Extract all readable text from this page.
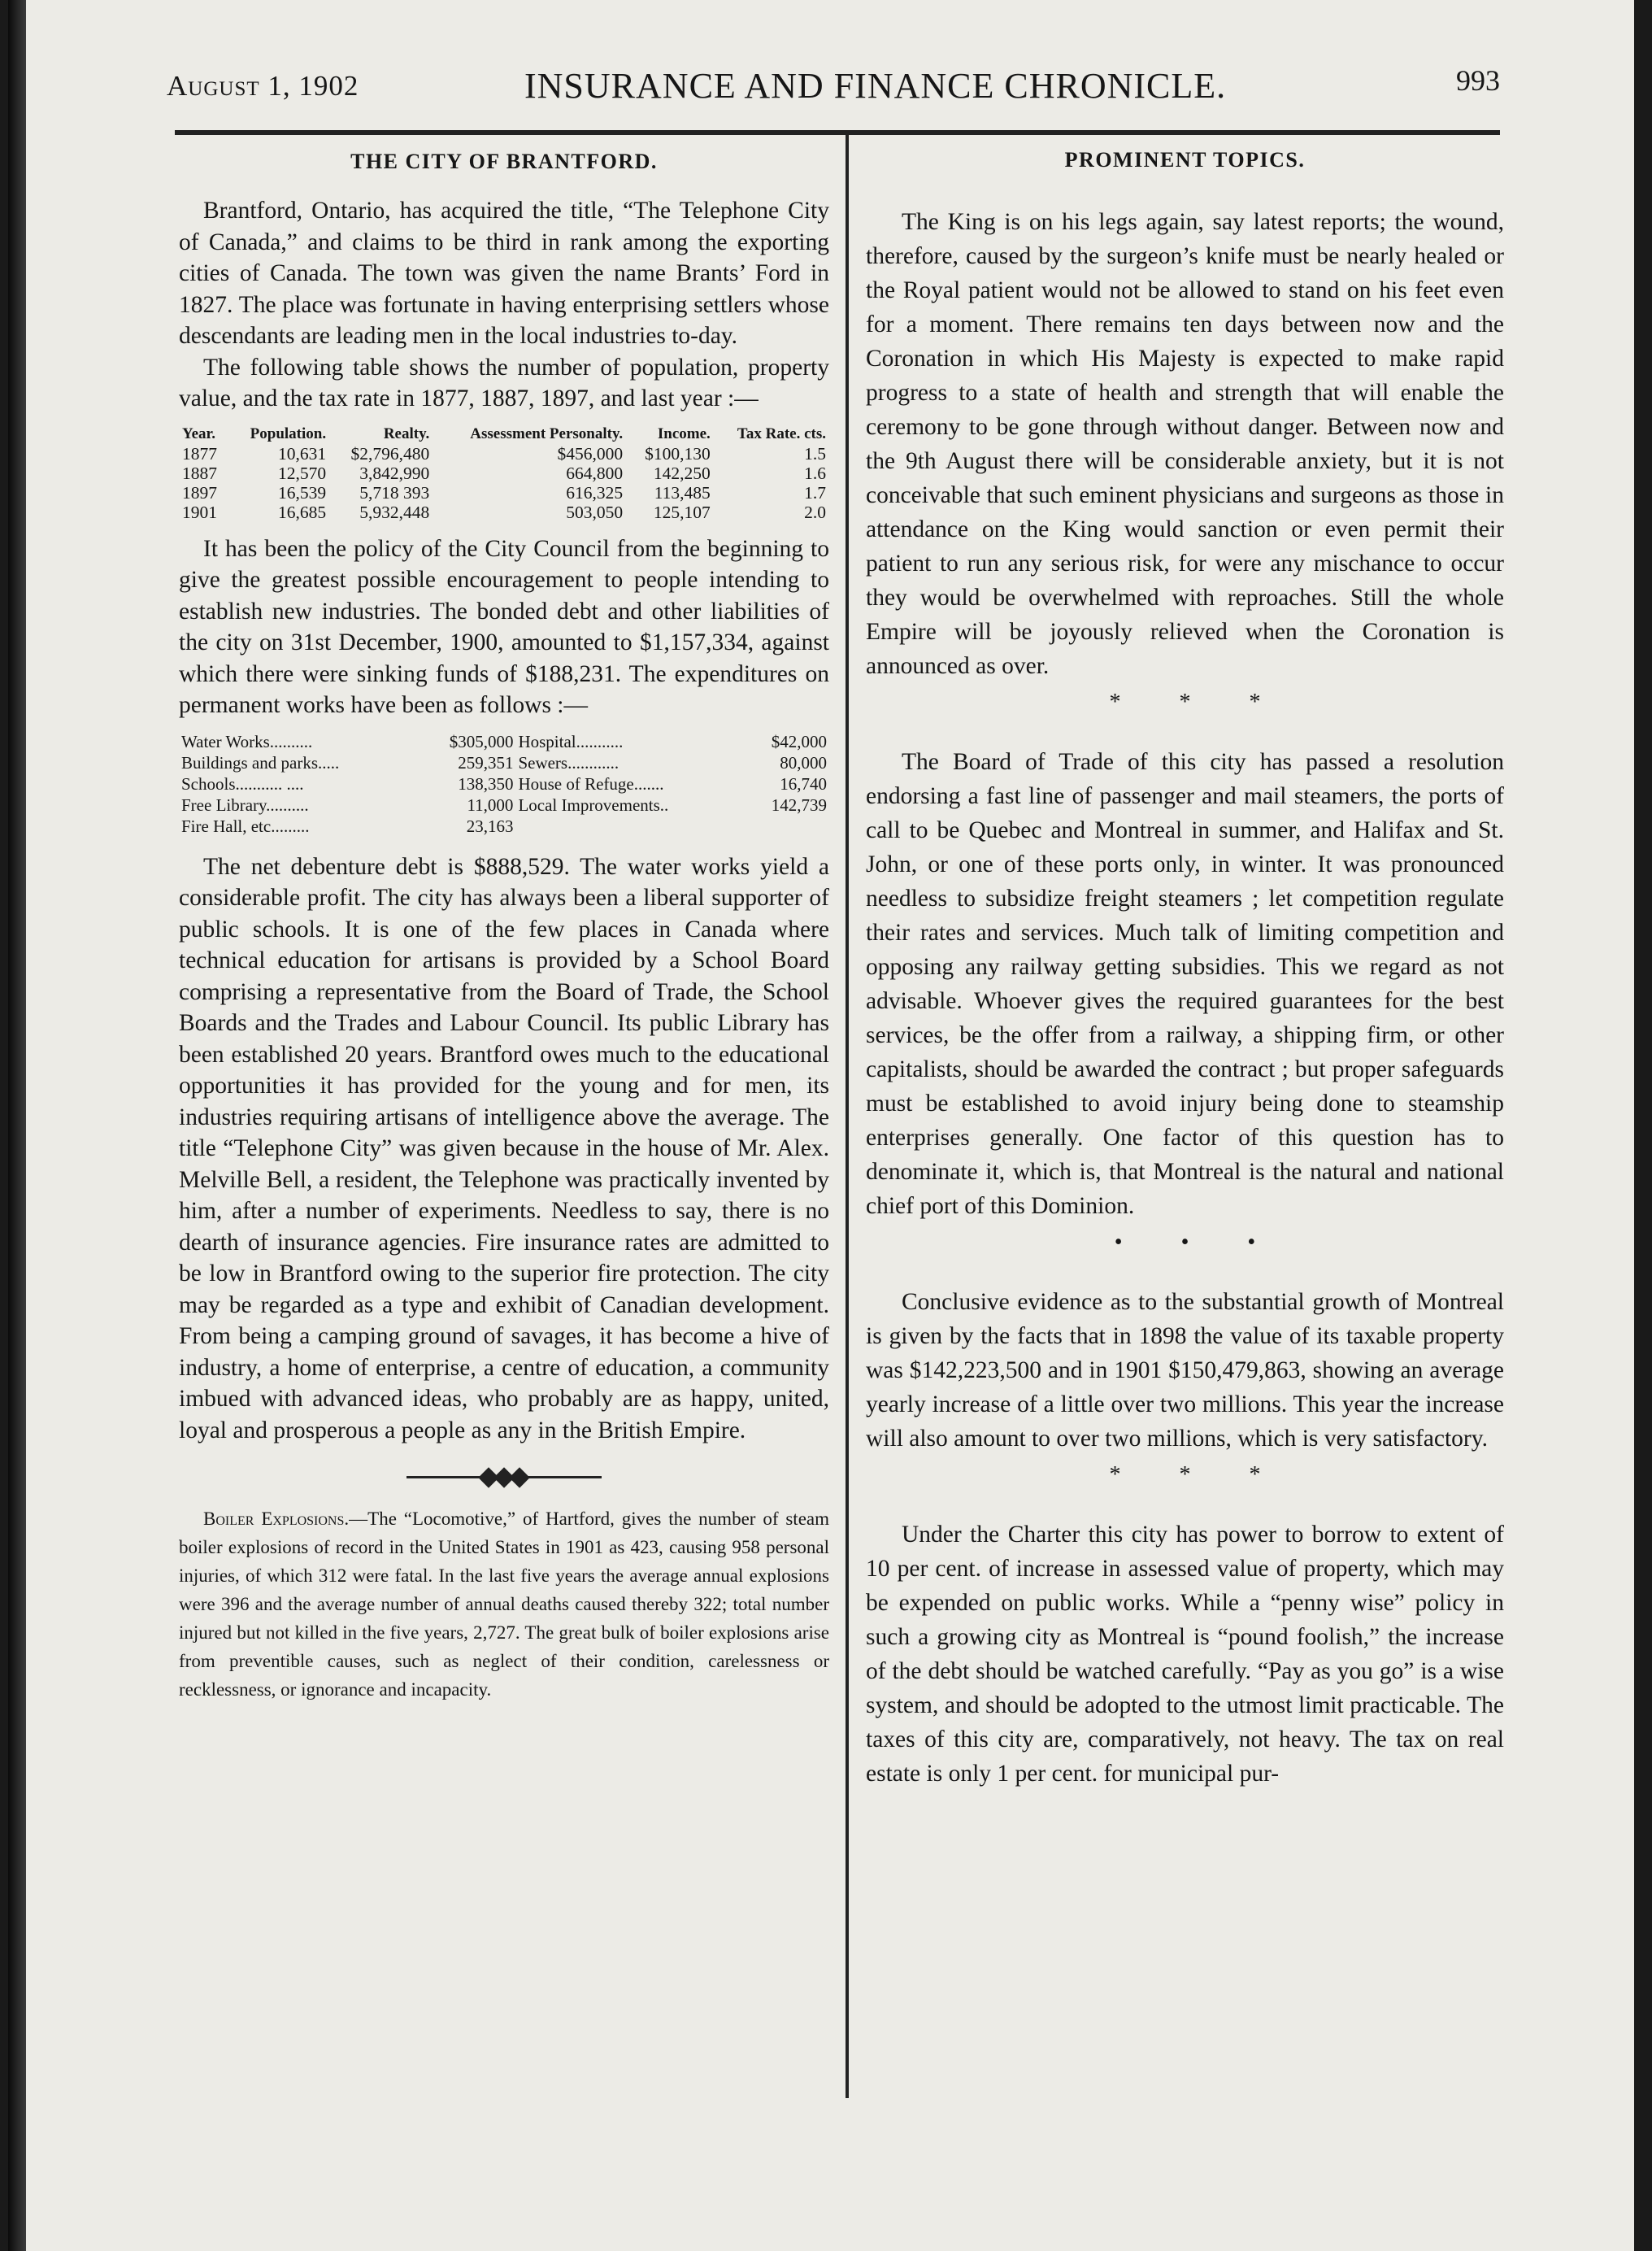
August 1, 1902	INSURANCE AND FINANCE CHRONICLE.	993
THE CITY OF BRANTFORD.

Brantford, Ontario, has acquired the title, “The Telephone City of Canada,” and claims to be third in rank among the exporting cities of Canada. The town was given the name Brants’ Ford in 1827. The place was fortunate in having enterprising settlers whose descendants are leading men in the local industries to-day.

The following table shows the number of population, property value, and the tax rate in 1877, 1887, 1897, and last year :—

Year.	Population.	Realty.	Assessment Personalty.	Income.	Tax Rate. cts.
1877	10,631	$2,796,480	$456,000	$100,130	1.5
1887	12,570	3,842,990	664,800	142,250	1.6
1897	16,539	5,718 393	616,325	113,485	1.7
1901	16,685	5,932,448	503,050	125,107	2.0

It has been the policy of the City Council from the beginning to give the greatest possible encouragement to people intending to establish new industries. The bonded debt and other liabilities of the city on 31st December, 1900, amounted to $1,157,334, against which there were sinking funds of $188,231. The expenditures on permanent works have been as follows :—

Water Works..........	$305,000	Hospital...........	$42,000
Buildings and parks.....	259,351	Sewers............	80,000
Schools........... ....	138,350	House of Refuge.......	16,740
Free Library..........	11,000	Local Improvements..	142,739
Fire Hall, etc.........	23,163		

The net debenture debt is $888,529. The water works yield a considerable profit. The city has always been a liberal supporter of public schools. It is one of the few places in Canada where technical education for artisans is provided by a School Board comprising a representative from the Board of Trade, the School Boards and the Trades and Labour Council. Its public Library has been established 20 years. Brantford owes much to the educational opportunities it has provided for the young and for men, its industries requiring artisans of intelligence above the average. The title “Telephone City” was given because in the house of Mr. Alex. Melville Bell, a resident, the Telephone was practically invented by him, after a number of experiments. Needless to say, there is no dearth of insurance agencies. Fire insurance rates are admitted to be low in Brantford owing to the superior fire protection. The city may be regarded as a type and exhibit of Canadian development. From being a camping ground of savages, it has become a hive of industry, a home of enterprise, a centre of education, a community imbued with advanced ideas, who probably are as happy, united, loyal and prosperous a people as any in the British Empire.

Boiler Explosions.—The “Locomotive,” of Hartford, gives the number of steam boiler explosions of record in the United States in 1901 as 423, causing 958 personal injuries, of which 312 were fatal. In the last five years the average annual explosions were 396 and the average number of annual deaths caused thereby 322; total number injured but not killed in the five years, 2,727. The great bulk of boiler explosions arise from preventible causes, such as neglect of their condition, carelessness or recklessness, or ignorance and incapacity.

PROMINENT TOPICS.

The King is on his legs again, say latest reports; the wound, therefore, caused by the surgeon’s knife must be nearly healed or the Royal patient would not be allowed to stand on his feet even for a moment. There remains ten days between now and the Coronation in which His Majesty is expected to make rapid progress to a state of health and strength that will enable the ceremony to be gone through without danger. Between now and the 9th August there will be considerable anxiety, but it is not conceivable that such eminent physicians and surgeons as those in attendance on the King would sanction or even permit their patient to run any serious risk, for were any mischance to occur they would be overwhelmed with reproaches. Still the whole Empire will be joyously relieved when the Coronation is announced as over.

*	*	*

The Board of Trade of this city has passed a resolution endorsing a fast line of passenger and mail steamers, the ports of call to be Quebec and Montreal in summer, and Halifax and St. John, or one of these ports only, in winter. It was pronounced needless to subsidize freight steamers ; let competition regulate their rates and services. Much talk of limiting competition and opposing any railway getting subsidies. This we regard as not advisable. Whoever gives the required guarantees for the best services, be the offer from a railway, a shipping firm, or other capitalists, should be awarded the contract ; but proper safeguards must be established to avoid injury being done to steamship enterprises generally. One factor of this question has to denominate it, which is, that Montreal is the natural and national chief port of this Dominion.

•	•	•

Conclusive evidence as to the substantial growth of Montreal is given by the facts that in 1898 the value of its taxable property was $142,223,500 and in 1901 $150,479,863, showing an average yearly increase of a little over two millions. This year the increase will also amount to over two millions, which is very satisfactory.

*	*	*

Under the Charter this city has power to borrow to extent of 10 per cent. of increase in assessed value of property, which may be expended on public works. While a “penny wise” policy in such a growing city as Montreal is “pound foolish,” the increase of the debt should be watched carefully. “Pay as you go” is a wise system, and should be adopted to the utmost limit practicable. The taxes of this city are, comparatively, not heavy. The tax on real estate is only 1 per cent. for municipal pur-
